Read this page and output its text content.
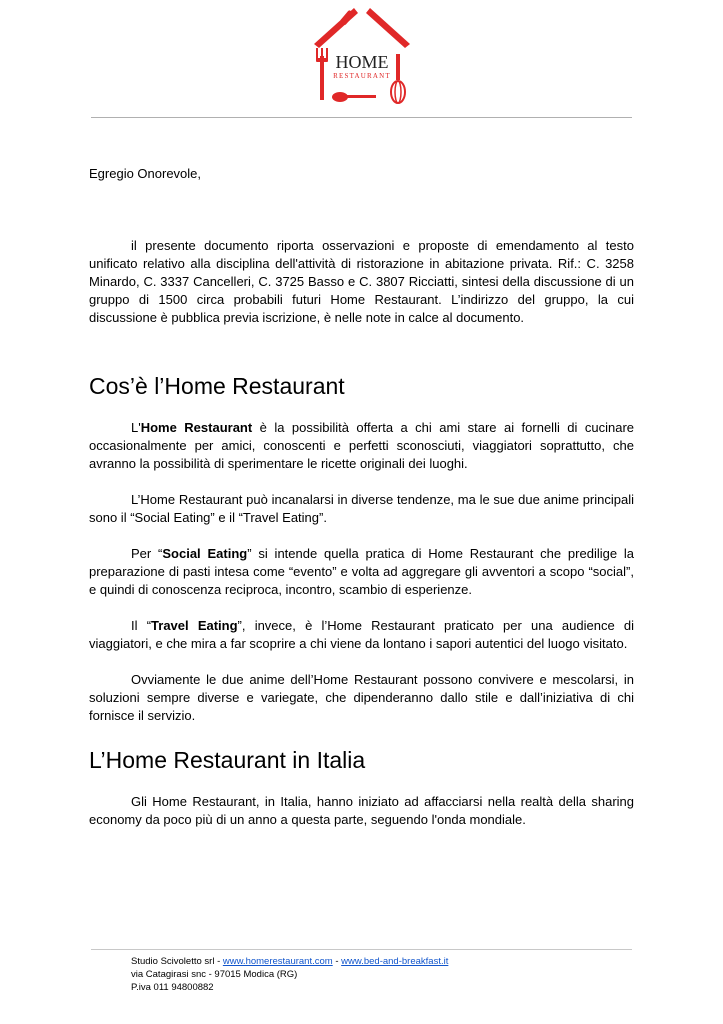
HOME
RESTAURANT

Egregio Onorevole,

il presente documento riporta osservazioni e proposte di emendamento al testo unificato relativo alla disciplina dell'attività di ristorazione in abitazione privata. Rif.: C. 3258 Minardo, C. 3337 Cancelleri, C. 3725 Basso e C. 3807 Ricciatti, sintesi della discussione di un gruppo di 1500 circa probabili futuri Home Restaurant. L’indirizzo del gruppo, la cui discussione è pubblica previa iscrizione, è nelle note in calce al documento.

Cos’è l’Home Restaurant

L'Home Restaurant è la possibilità offerta a chi ami stare ai fornelli di cucinare occasionalmente per amici, conoscenti e perfetti sconosciuti, viaggiatori soprattutto, che avranno la possibilità di sperimentare le ricette originali dei luoghi.

L’Home Restaurant può incanalarsi in diverse tendenze, ma le sue due anime principali sono il “Social Eating” e il “Travel Eating”.

Per “Social Eating” si intende quella pratica di Home Restaurant che predilige la preparazione di pasti intesa come “evento” e volta ad aggregare gli avventori a scopo “social”, e quindi di conoscenza reciproca, incontro, scambio di esperienze.

Il “Travel Eating”, invece, è l’Home Restaurant praticato per una audience di viaggiatori, e che mira a far scoprire a chi viene da lontano i sapori autentici del luogo visitato.

Ovviamente le due anime dell’Home Restaurant possono convivere e mescolarsi, in soluzioni sempre diverse e variegate, che dipenderanno dallo stile e dall’iniziativa di chi fornisce il servizio.

L’Home Restaurant in Italia

Gli Home Restaurant, in Italia, hanno iniziato ad affacciarsi nella realtà della sharing economy da poco più di un anno a questa parte, seguendo l'onda mondiale.

Studio Scivoletto srl - www.homerestaurant.com - www.bed-and-breakfast.it
via Catagirasi snc - 97015 Modica (RG)
P.iva 011 94800882
